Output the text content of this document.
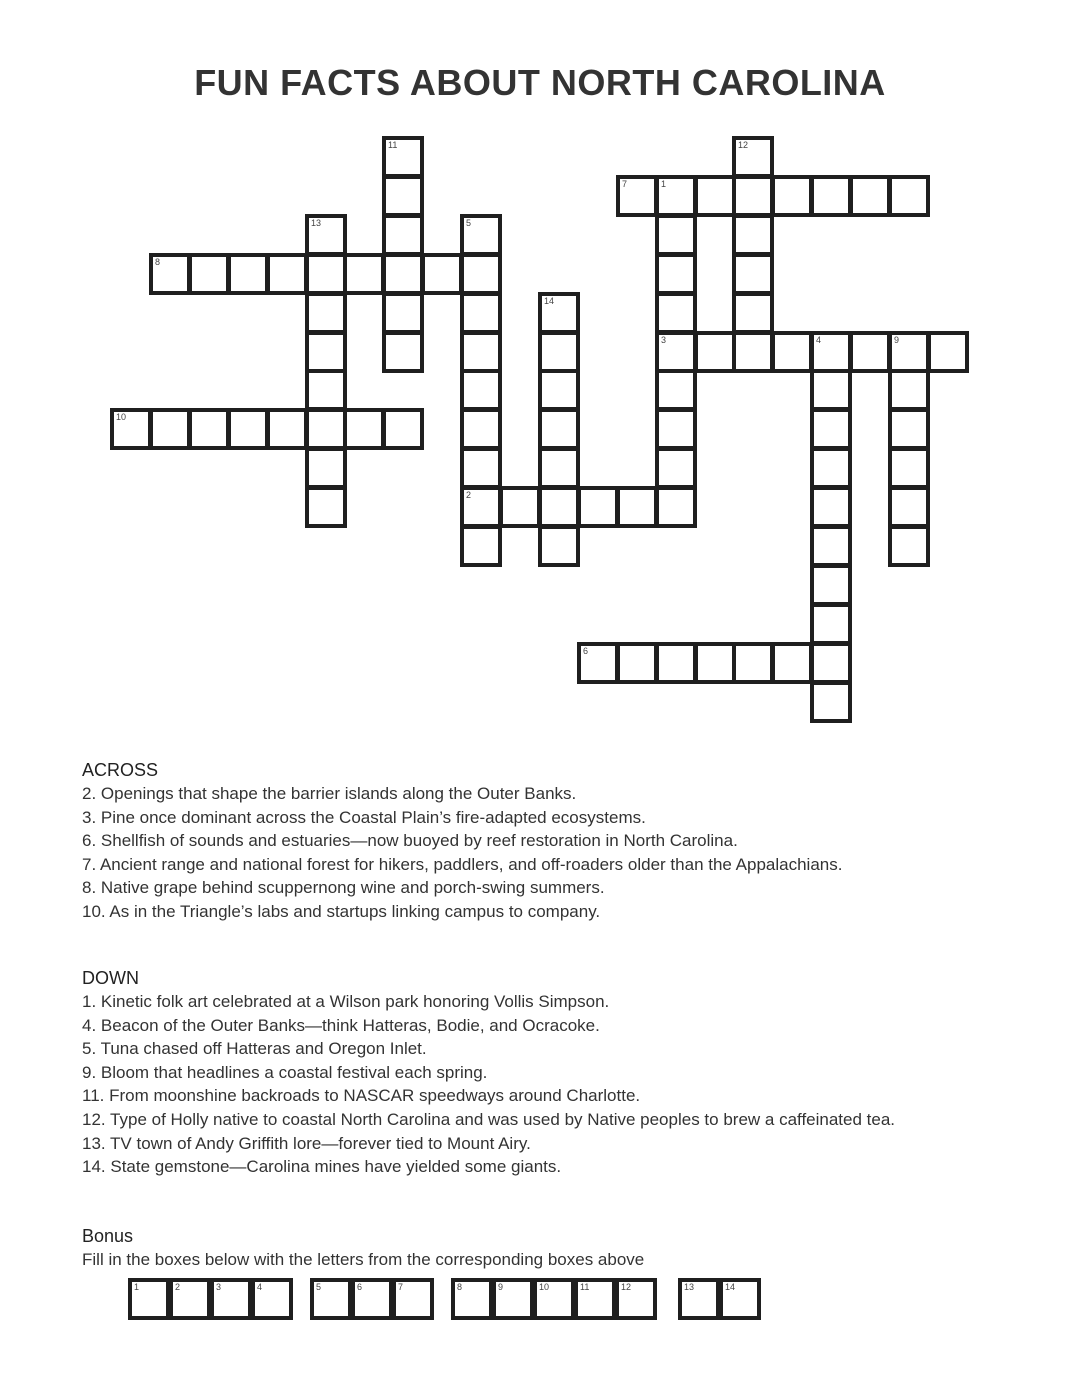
FUN FACTS ABOUT NORTH CAROLINA
11	12
7	1
13	5
8
14
3	4	9
10
2
6
ACROSS
2. Openings that shape the barrier islands along the Outer Banks.
3. Pine once dominant across the Coastal Plain’s fire-adapted ecosystems.
6. Shellfish of sounds and estuaries—now buoyed by reef restoration in North Carolina.
7. Ancient range and national forest for hikers, paddlers, and off-roaders older than the Appalachians.
8. Native grape behind scuppernong wine and porch-swing summers.
10. As in the Triangle’s labs and startups linking campus to company.
DOWN
1. Kinetic folk art celebrated at a Wilson park honoring Vollis Simpson.
4. Beacon of the Outer Banks—think Hatteras, Bodie, and Ocracoke.
5. Tuna chased off Hatteras and Oregon Inlet.
9. Bloom that headlines a coastal festival each spring.
11. From moonshine backroads to NASCAR speedways around Charlotte.
12. Type of Holly native to coastal North Carolina and was used by Native peoples to brew a caffeinated tea.
13. TV town of Andy Griffith lore—forever tied to Mount Airy.
14. State gemstone—Carolina mines have yielded some giants.
Bonus

Fill in the boxes below with the letters from the corresponding boxes above

1	2	3	4	5	6	7	8	9	10	11	12	13	14
